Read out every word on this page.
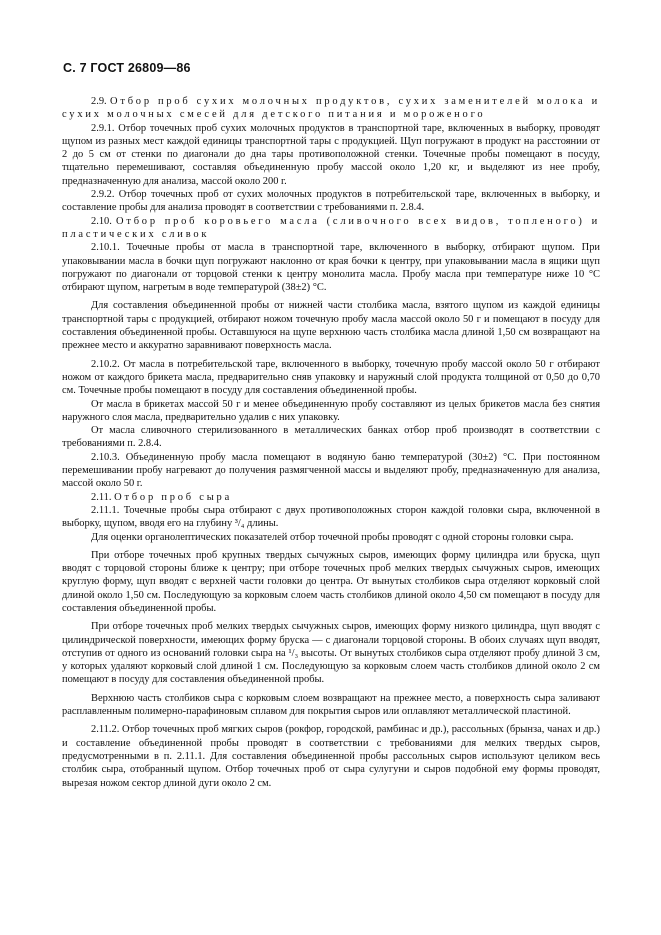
С. 7 ГОСТ 26809—86

2.9. Отбор проб сухих молочных продуктов, сухих заменителей молока и сухих молочных смесей для детского питания и мороженого

2.9.1. Отбор точечных проб сухих молочных продуктов в транспортной таре, включенных в выборку, проводят щупом из разных мест каждой единицы транспортной тары с продукцией. Щуп погружают в продукт на расстоянии от 2 до 5 см от стенки по диагонали до дна тары противоположной стенки. Точечные пробы помещают в посуду, тщательно перемешивают, составляя объединенную пробу массой около 1,20 кг, и выделяют из нее пробу, предназначенную для анализа, массой около 200 г.

2.9.2. Отбор точечных проб от сухих молочных продуктов в потребительской таре, включенных в выборку, и составление пробы для анализа проводят в соответствии с требованиями п. 2.8.4.

2.10. Отбор проб коровьего масла (сливочного всех видов, топленого) и пластических сливок

2.10.1. Точечные пробы от масла в транспортной таре, включенного в выборку, отбирают щупом. При упаковывании масла в бочки щуп погружают наклонно от края бочки к центру, при упаковывании масла в ящики щуп погружают по диагонали от торцовой стенки к центру монолита масла. Пробу масла при температуре ниже 10 °С отбирают щупом, нагретым в воде температурой (38±2) °С.

Для составления объединенной пробы от нижней части столбика масла, взятого щупом из каждой единицы транспортной тары с продукцией, отбирают ножом точечную пробу масла массой около 50 г и помещают в посуду для составления объединенной пробы. Оставшуюся на щупе верхнюю часть столбика масла длиной 1,50 см возвращают на прежнее место и аккуратно заравнивают поверхность масла.

2.10.2. От масла в потребительской таре, включенного в выборку, точечную пробу массой около 50 г отбирают ножом от каждого брикета масла, предварительно сняв упаковку и наружный слой продукта толщиной от 0,50 до 0,70 см. Точечные пробы помещают в посуду для составления объединенной пробы.

От масла в брикетах массой 50 г и менее объединенную пробу составляют из целых брикетов масла без снятия наружного слоя масла, предварительно удалив с них упаковку.

От масла сливочного стерилизованного в металлических банках отбор проб производят в соответствии с требованиями п. 2.8.4.

2.10.3. Объединенную пробу масла помещают в водяную баню температурой (30±2) °С. При постоянном перемешивании пробу нагревают до получения размягченной массы и выделяют пробу, предназначенную для анализа, массой около 50 г.

2.11. Отбор проб сыра

2.11.1. Точечные пробы сыра отбирают с двух противоположных сторон каждой головки сыра, включенной в выборку, щупом, вводя его на глубину ³/₄ длины.

Для оценки органолептических показателей отбор точечной пробы проводят с одной стороны головки сыра.

При отборе точечных проб крупных твердых сычужных сыров, имеющих форму цилиндра или бруска, щуп вводят с торцовой стороны ближе к центру; при отборе точечных проб мелких твердых сычужных сыров, имеющих круглую форму, щуп вводят с верхней части головки до центра. От вынутых столбиков сыра отделяют корковый слой длиной около 1,50 см. Последующую за корковым слоем часть столбиков длиной около 4,50 см помещают в посуду для составления объединенной пробы.

При отборе точечных проб мелких твердых сычужных сыров, имеющих форму низкого цилиндра, щуп вводят с цилиндрической поверхности, имеющих форму бруска — с диагонали торцовой стороны. В обоих случаях щуп вводят, отступив от одного из оснований головки сыра на ¹/₃ высоты. От вынутых столбиков сыра отделяют пробу длиной 3 см, у которых удаляют корковый слой длиной 1 см. Последующую за корковым слоем часть столбиков длиной около 2 см помещают в посуду для составления объединенной пробы.

Верхнюю часть столбиков сыра с корковым слоем возвращают на прежнее место, а поверхность сыра заливают расплавленным полимерно-парафиновым сплавом для покрытия сыров или оплавляют металлической пластиной.

2.11.2. Отбор точечных проб мягких сыров (рокфор, городской, рамбинас и др.), рассольных (брынза, чанах и др.) и составление объединенной пробы проводят в соответствии с требованиями для мелких твердых сыров, предусмотренными в п. 2.11.1. Для составления объединенной пробы рассольных сыров используют целиком весь столбик сыра, отобранный щупом. Отбор точечных проб от сыра сулугуни и сыров подобной ему формы проводят, вырезая ножом сектор длиной дуги около 2 см.
